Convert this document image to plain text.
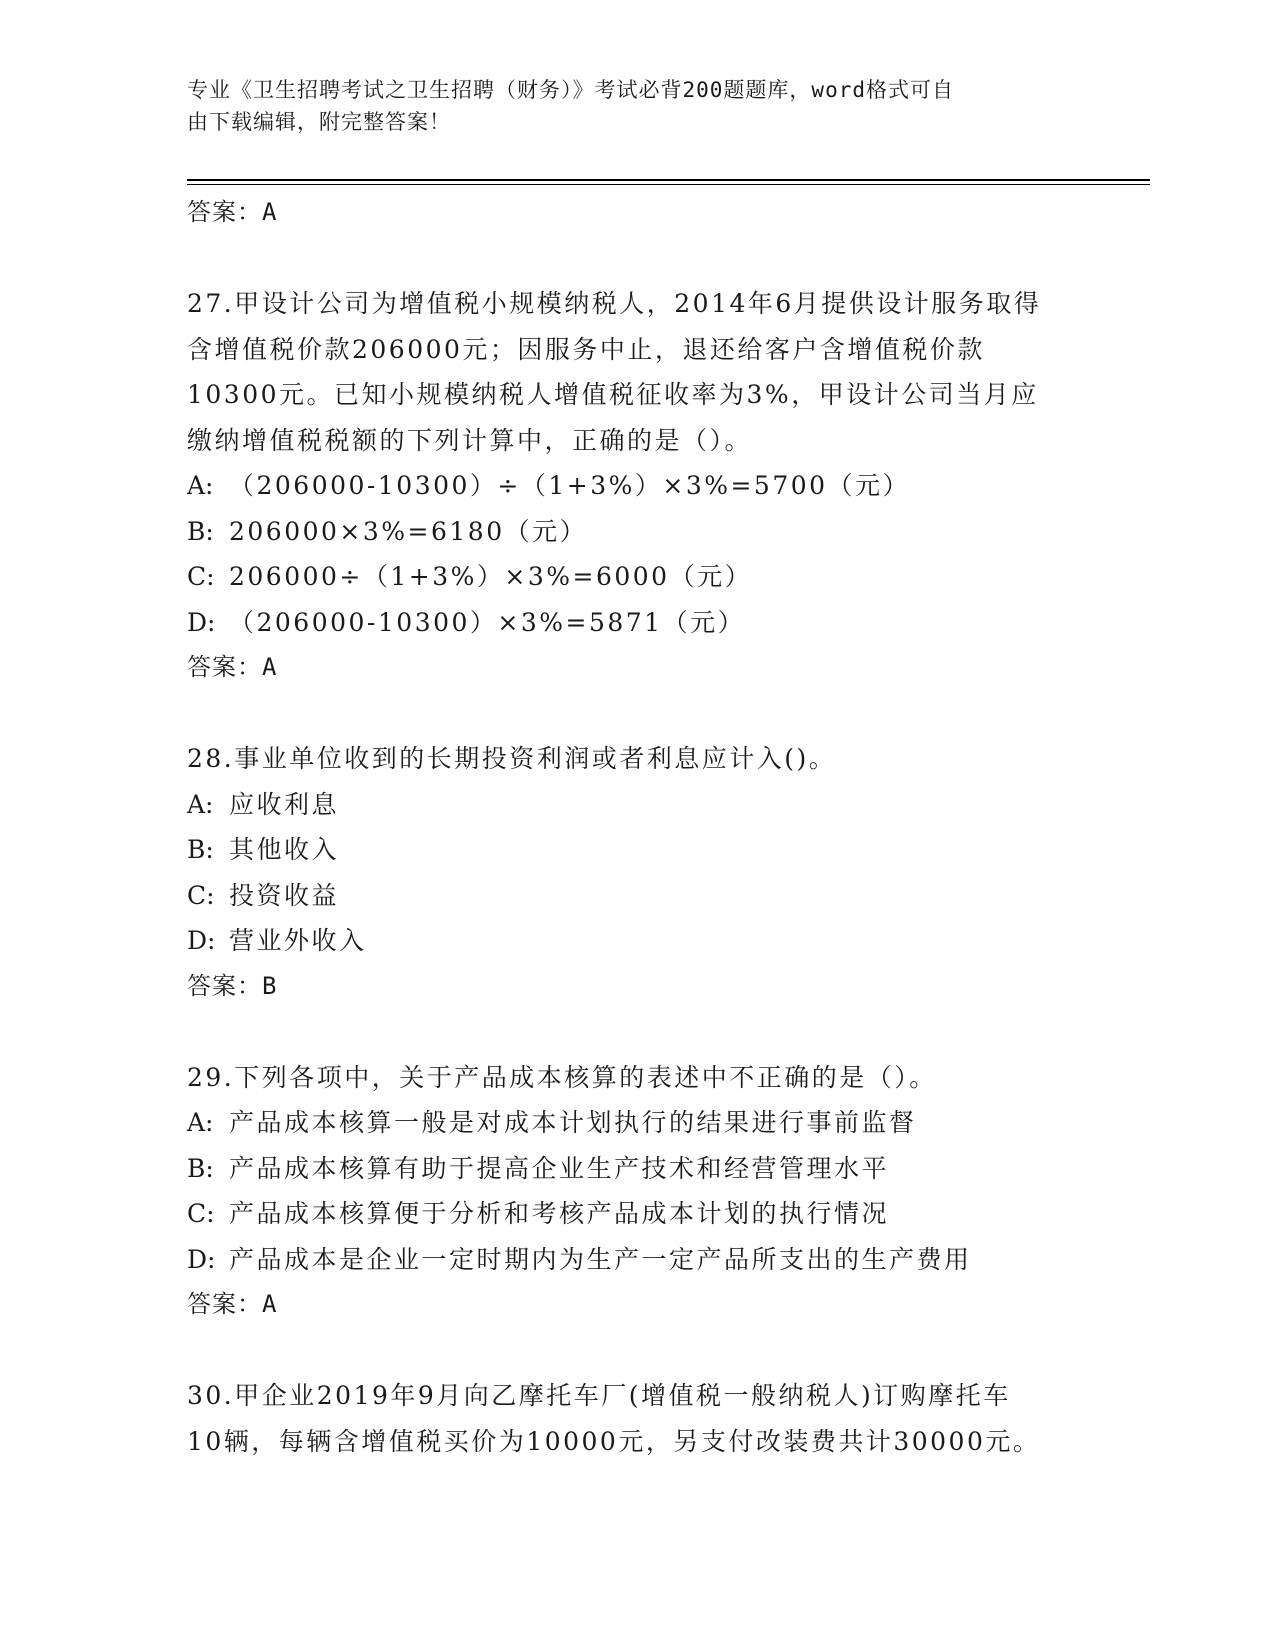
专业《卫生招聘考试之卫生招聘（财务）》考试必背200题题库，word格式可自
由下载编辑，附完整答案！
答案：A
27.甲设计公司为增值税小规模纳税人，2014年6月提供设计服务取得
含增值税价款206000元；因服务中止，退还给客户含增值税价款
10300元。已知小规模纳税人增值税征收率为3%，甲设计公司当月应
缴纳增值税税额的下列计算中，正确的是（）。
A: （206000-10300）÷（1+3%）×3%=5700（元）
B: 206000×3%=6180（元）
C: 206000÷（1+3%）×3%=6000（元）
D: （206000-10300）×3%=5871（元）
答案：A
28.事业单位收到的长期投资利润或者利息应计入()。
A: 应收利息
B: 其他收入
C: 投资收益
D: 营业外收入
答案：B
29.下列各项中，关于产品成本核算的表述中不正确的是（）。
A: 产品成本核算一般是对成本计划执行的结果进行事前监督
B: 产品成本核算有助于提高企业生产技术和经营管理水平
C: 产品成本核算便于分析和考核产品成本计划的执行情况
D: 产品成本是企业一定时期内为生产一定产品所支出的生产费用
答案：A
30.甲企业2019年9月向乙摩托车厂(增值税一般纳税人)订购摩托车
10辆，每辆含增值税买价为10000元，另支付改装费共计30000元。
